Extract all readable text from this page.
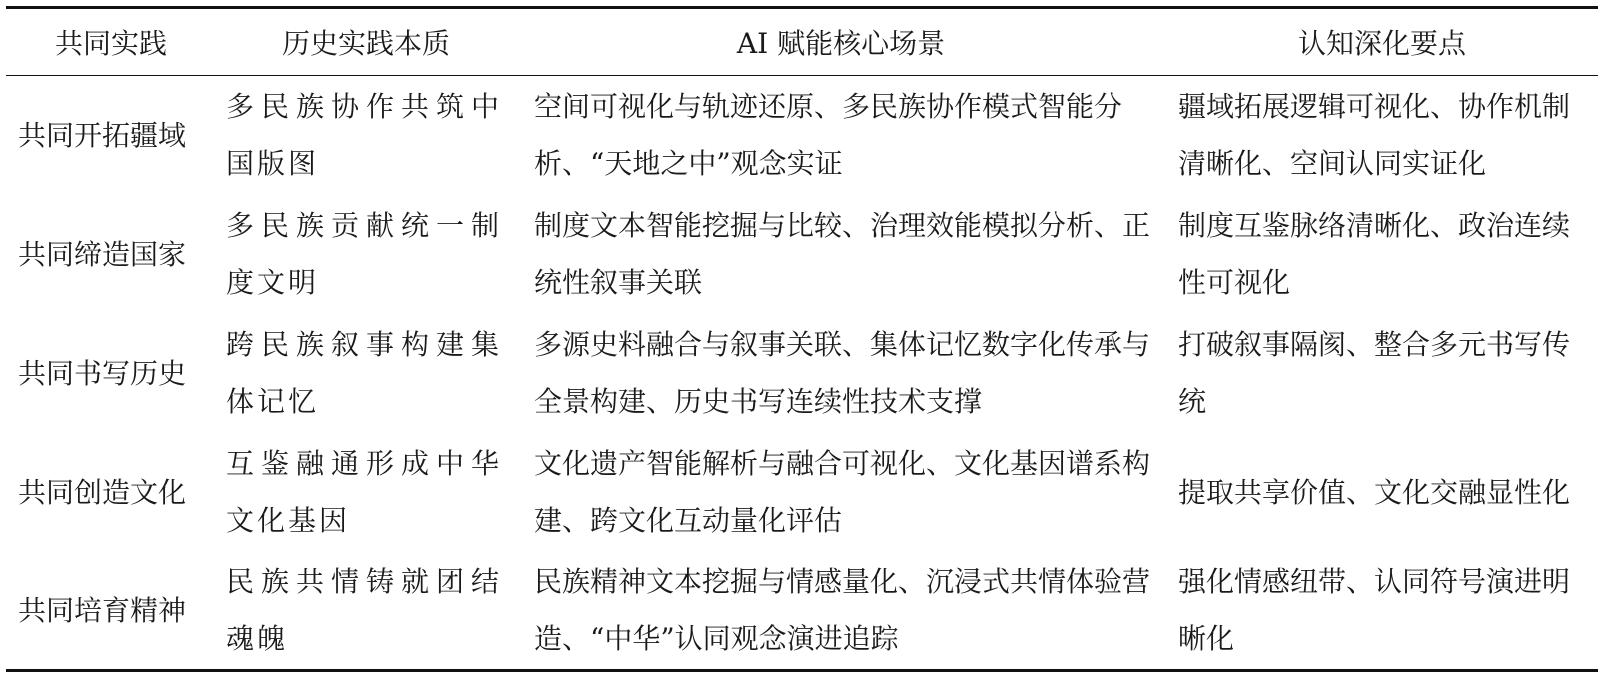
共同实践	历史实践本质	AI 赋能核心场景	认知深化要点
共同开拓疆域	多民族协作共筑中国版图	空间可视化与轨迹还原、多民族协作模式智能分析、“天地之中”观念实证	疆域拓展逻辑可视化、协作机制清晰化、空间认同实证化
共同缔造国家	多民族贡献统一制度文明	制度文本智能挖掘与比较、治理效能模拟分析、正统性叙事关联	制度互鉴脉络清晰化、政治连续性可视化
共同书写历史	跨民族叙事构建集体记忆	多源史料融合与叙事关联、集体记忆数字化传承与全景构建、历史书写连续性技术支撑	打破叙事隔阂、整合多元书写传统
共同创造文化	互鉴融通形成中华文化基因	文化遗产智能解析与融合可视化、文化基因谱系构建、跨文化互动量化评估	提取共享价值、文化交融显性化
共同培育精神	民族共情铸就团结魂魄	民族精神文本挖掘与情感量化、沉浸式共情体验营造、“中华”认同观念演进追踪	强化情感纽带、认同符号演进明晰化
